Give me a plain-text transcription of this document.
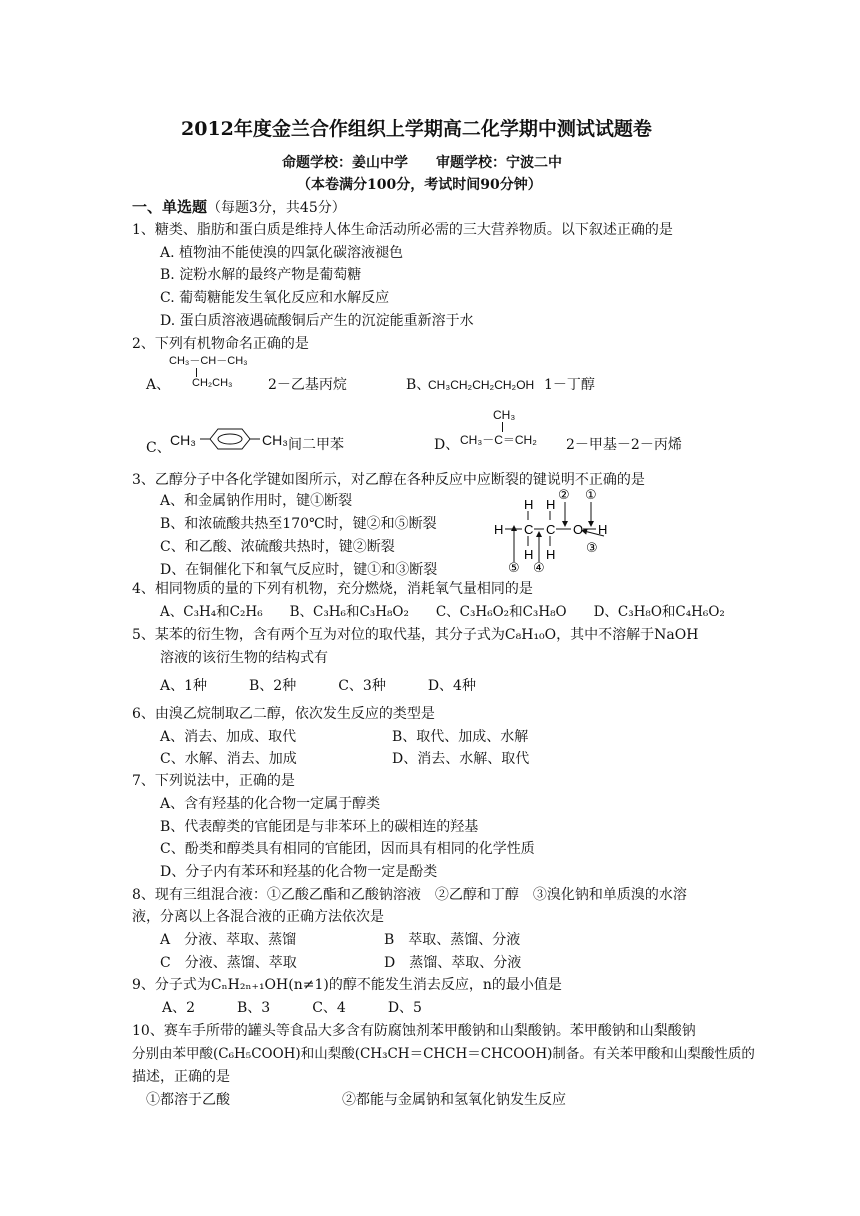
2012年度金兰合作组织上学期高二化学期中测试试题卷
命题学校：姜山中学　　审题学校：宁波二中
（本卷满分100分，考试时间90分钟）
一、单选题（每题3分，共45分）
1、糖类、脂肪和蛋白质是维持人体生命活动所必需的三大营养物质。以下叙述正确的是
A. 植物油不能使溴的四氯化碳溶液褪色
B. 淀粉水解的最终产物是葡萄糖
C. 葡萄糖能发生氧化反应和水解反应
D. 蛋白质溶液遇硫酸铜后产生的沉淀能重新溶于水
2、下列有机物命名正确的是
CH₃－CH－CH₃
A、 CH₂CH₃	2－乙基丙烷	B、
CH₃CH₂CH₂CH₂OH 1－丁醇
C、 CH₃	CH₃ 间二甲苯
CH₃
D、 CH₃－C＝CH₂ 2－甲基－2－丙烯
3、乙醇分子中各化学键如图所示，对乙醇在各种反应中应断裂的键说明不正确的是
A、和金属钠作用时，键①断裂
B、和浓硫酸共热至170℃时，键②和⑤断裂
C、和乙酸、浓硫酸共热时，键②断裂
D、在铜催化下和氧气反应时，键①和③断裂
H H
H C C O H
H H
② ①
③
⑤ ④
4、相同物质的量的下列有机物，充分燃烧，消耗氧气量相同的是
A、C₃H₄和C₂H₆　　B、C₃H₆和C₃H₈O₂　　C、C₃H₆O₂和C₃H₈O　　D、C₃H₈O和C₄H₆O₂
5、某苯的衍生物，含有两个互为对位的取代基，其分子式为C₈H₁₀O，其中不溶解于NaOH
溶液的该衍生物的结构式有
A、1种　　　B、2种　　　C、3种　　　D、4种
6、由溴乙烷制取乙二醇，依次发生反应的类型是
A、消去、加成、取代	B、取代、加成、水解
C、水解、消去、加成	D、消去、水解、取代
7、下列说法中，正确的是
A、含有羟基的化合物一定属于醇类
B、代表醇类的官能团是与非苯环上的碳相连的羟基
C、酚类和醇类具有相同的官能团，因而具有相同的化学性质
D、分子内有苯环和羟基的化合物一定是酚类
8、现有三组混合液：①乙酸乙酯和乙酸钠溶液　②乙醇和丁醇　③溴化钠和单质溴的水溶
液，分离以上各混合液的正确方法依次是
A　分液、萃取、蒸馏	B　萃取、蒸馏、分液
C　分液、蒸馏、萃取	D　蒸馏、萃取、分液
9、分子式为CₙH₂ₙ₊₁OH(n≠1)的醇不能发生消去反应，n的最小值是
A、2　　　B、3　　　C、4　　　D、5
10、赛车手所带的罐头等食品大多含有防腐蚀剂苯甲酸钠和山梨酸钠。苯甲酸钠和山梨酸钠
分别由苯甲酸(C₆H₅COOH)和山梨酸(CH₃CH＝CHCH＝CHCOOH)制备。有关苯甲酸和山梨酸性质的
描述，正确的是
①都溶于乙酸	②都能与金属钠和氢氧化钠发生反应
